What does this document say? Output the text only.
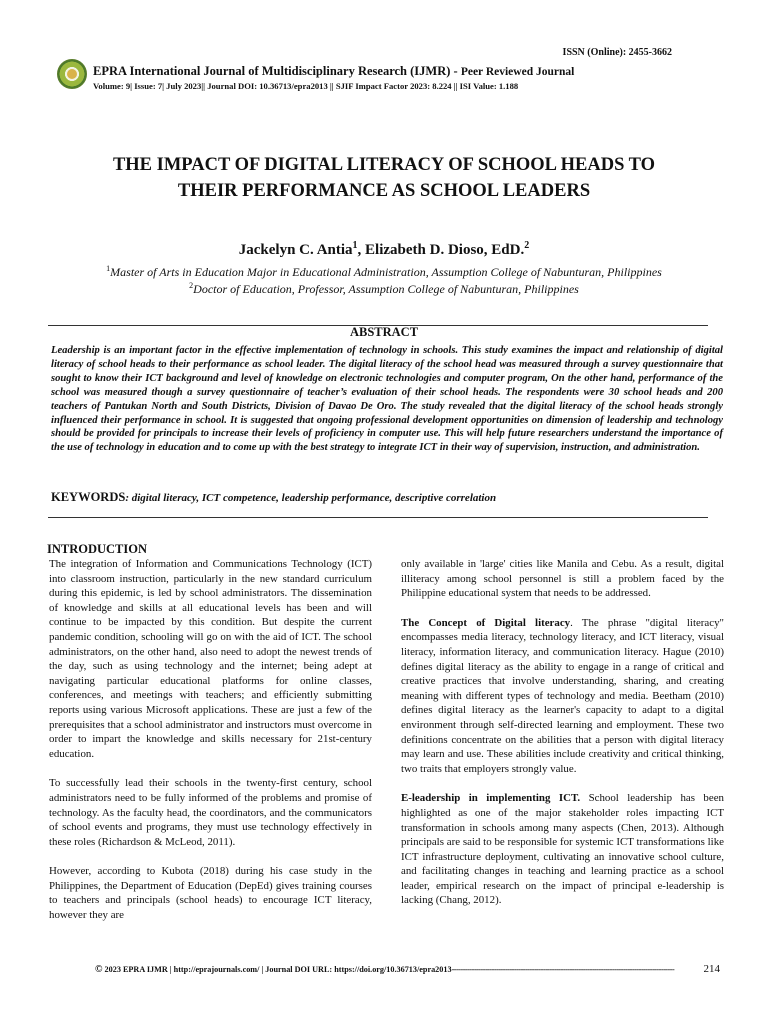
ISSN (Online): 2455-3662
EPRA International Journal of Multidisciplinary Research (IJMR) - Peer Reviewed Journal
Volume: 9| Issue: 7| July 2023|| Journal DOI: 10.36713/epra2013 || SJIF Impact Factor 2023: 8.224 || ISI Value: 1.188
THE IMPACT OF DIGITAL LITERACY OF SCHOOL HEADS TO
THEIR PERFORMANCE AS SCHOOL LEADERS
Jackelyn C. Antia$^1$, Elizabeth D. Dioso, EdD.$^2$
$^1$Master of Arts in Education Major in Educational Administration, Assumption College of Nabunturan, Philippines
$^2$Doctor of Education, Professor, Assumption College of Nabunturan, Philippines
ABSTRACT
Leadership is an important factor in the effective implementation of technology in schools. This study examines the impact and relationship of digital literacy of school heads to their performance as school leader. The digital literacy of the school head was measured through a survey questionnaire that sought to know their ICT background and level of knowledge on electronic technologies and computer program, On the other hand, performance of the school was measured though a survey questionnaire of teacher’s evaluation of their school heads. The respondents were 30 school heads and 200 teachers of Pantukan North and South Districts, Division of Davao De Oro. The study revealed that the digital literacy of the school heads strongly influenced their performance in school. It is suggested that ongoing professional development opportunities on dimension of leadership and technology should be provided for principals to increase their levels of proficiency in computer use. This will help future researchers understand the importance of the use of technology in education and to come up with the best strategy to integrate ICT in their way of supervision, instruction, and administration.
KEYWORDS: digital literacy, ICT competence, leadership performance, descriptive correlation
INTRODUCTION

The integration of Information and Communications Technology (ICT) into classroom instruction, particularly in the new standard curriculum during this epidemic, is led by school administrators. The dissemination of knowledge and skills at all educational levels has been and will continue to be impacted by this condition. But despite the current pandemic condition, schooling will go on with the aid of ICT. The school administrators, on the other hand, also need to adopt the newest trends of the day, such as using technology and the internet; being adept at navigating particular educational platforms for online classes, conferences, and meetings with teachers; and efficiently submitting reports using various Microsoft applications. These are just a few of the prerequisites that a school administrator and instructors must overcome in order to impart the knowledge and skills necessary for 21st-century education.

To successfully lead their schools in the twenty-first century, school administrators need to be fully informed of the problems and promise of technology. As the faculty head, the coordinators, and the communicators of school events and programs, they must use technology effectively in these roles (Richardson & McLeod, 2011).

However, according to Kubota (2018) during his case study in the Philippines, the Department of Education (DepEd) gives training courses to teachers and principals (school heads) to encourage ICT literacy, however they are

only available in 'large' cities like Manila and Cebu. As a result, digital illiteracy among school personnel is still a problem faced by the Philippine educational system that needs to be addressed.

The Concept of Digital literacy. The phrase "digital literacy" encompasses media literacy, technology literacy, and ICT literacy, visual literacy, information literacy, and communication literacy. Hague (2010) defines digital literacy as the ability to engage in a range of critical and creative practices that involve understanding, sharing, and creating meaning with different types of technology and media. Beetham (2010) defines digital literacy as the learner's capacity to adapt to a digital environment through self-directed learning and employment. These two definitions concentrate on the abilities that a person with digital literacy may learn and use. These abilities include creativity and critical thinking, two traits that employers strongly value.

E-leadership in implementing ICT. School leadership has been highlighted as one of the major stakeholder roles impacting ICT transformation in schools among many aspects (Chen, 2013). Although principals are said to be responsible for systemic ICT transformations like ICT infrastructure deployment, cultivating an innovative school culture, and facilitating changes in teaching and learning practice as a school leader, empirical research on the impact of principal e-leadership is lacking (Chang, 2012).

© 2023 EPRA IJMR | http://eprajournals.com/ | Journal DOI URL: https://doi.org/10.36713/epra2013----------------------------------------------------------------------------------------------------	214
